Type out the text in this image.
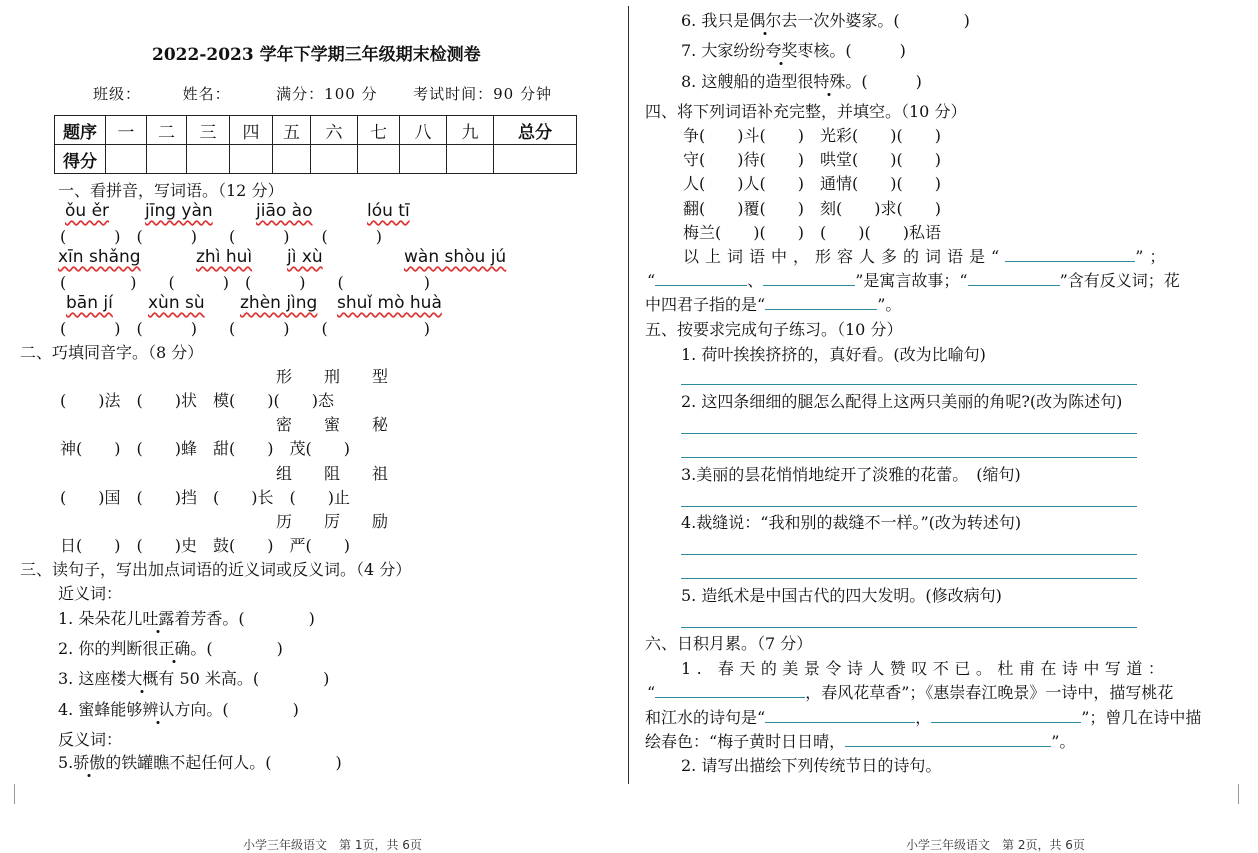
2022-2023 学年下学期三年级期末检测卷
班级：	姓名：	满分：100 分 考试时间：90 分钟
题序	一	二	三	四	五	六	七	八	九	总分
得分										
一、看拼音，写词语。（12 分）
ǒu ěr jīng yàn	jiāo ào	lóu tī
(　　　)　(　　　)　　(　　　)　　(　　　)
xīn shǎng	zhì huì jì xù	wàn shòu jú
(　　　　)　　(　　　)　(　　　)　　(　　　　　)
bān jí xùn sù zhèn jìng shuǐ mò huà
(　　　)　(　　　)　　(　　　)　　(　　　　　　)
二、巧填同音字。（8 分）
形　刑　型
(　　)法　(　　)状　模(　　)(　　)态
密　蜜　秘
神(　　)　(　　)蜂　甜(　　)　茂(　　)
组　阻　祖
(　　)国　(　　)挡　(　　)长　(　　)止
历　厉　励
日(　　)　(　　)史　鼓(　　)　严(　　)
三、读句子，写出加点词语的近义词或反义词。（4 分）
近义词：
1. 朵朵花儿吐露着芳香。(　　　　)
2. 你的判断很正确。(　　　　)
3. 这座楼大概有 50 米高。(　　　　)
4. 蜜蜂能够辨认方向。(　　　　)
反义词：
5.骄傲的铁罐瞧不起任何人。(　　　　)
6. 我只是偶尔去一次外婆家。(　　　　)
7. 大家纷纷夸奖枣核。(　　　)
8. 这艘船的造型很特殊。(　　　)
四、将下列词语补充完整，并填空。（10 分）
争(　　)斗(　　)　光彩(　　)(　　)
守(　　)待(　　)　哄堂(　　)(　　)
人(　　)人(　　)　通情(　　)(　　)
翻(　　)覆(　　)　刻(　　)求(　　)
梅兰(　　)(　　)　(　　)(　　)私语
以上词语中，形容人多的词语是“	”；
“	、	”是寓言故事；“	”含有反义词；花
中四君子指的是“	”。
五、按要求完成句子练习。（10 分）
1. 荷叶挨挨挤挤的，真好看。(改为比喻句)
2. 这四条细细的腿怎么配得上这两只美丽的角呢?(改为陈述句)
3.美丽的昙花悄悄地绽开了淡雅的花蕾。　(缩句)
4.裁缝说：“我和别的裁缝不一样。”(改为转述句)
5. 造纸术是中国古代的四大发明。(修改病句)
六、日积月累。（7 分）
1. 春天的美景令诗人赞叹不已。杜甫在诗中写道：
“	，春风花草香”；《惠崇春江晚景》一诗中，描写桃花
和江水的诗句是“	，	”；曾几在诗中描
绘春色：“梅子黄时日日晴，	”。
2. 请写出描绘下列传统节日的诗句。
小学三年级语文　第 1页，共 6页	小学三年级语文　第 2页，共 6页
